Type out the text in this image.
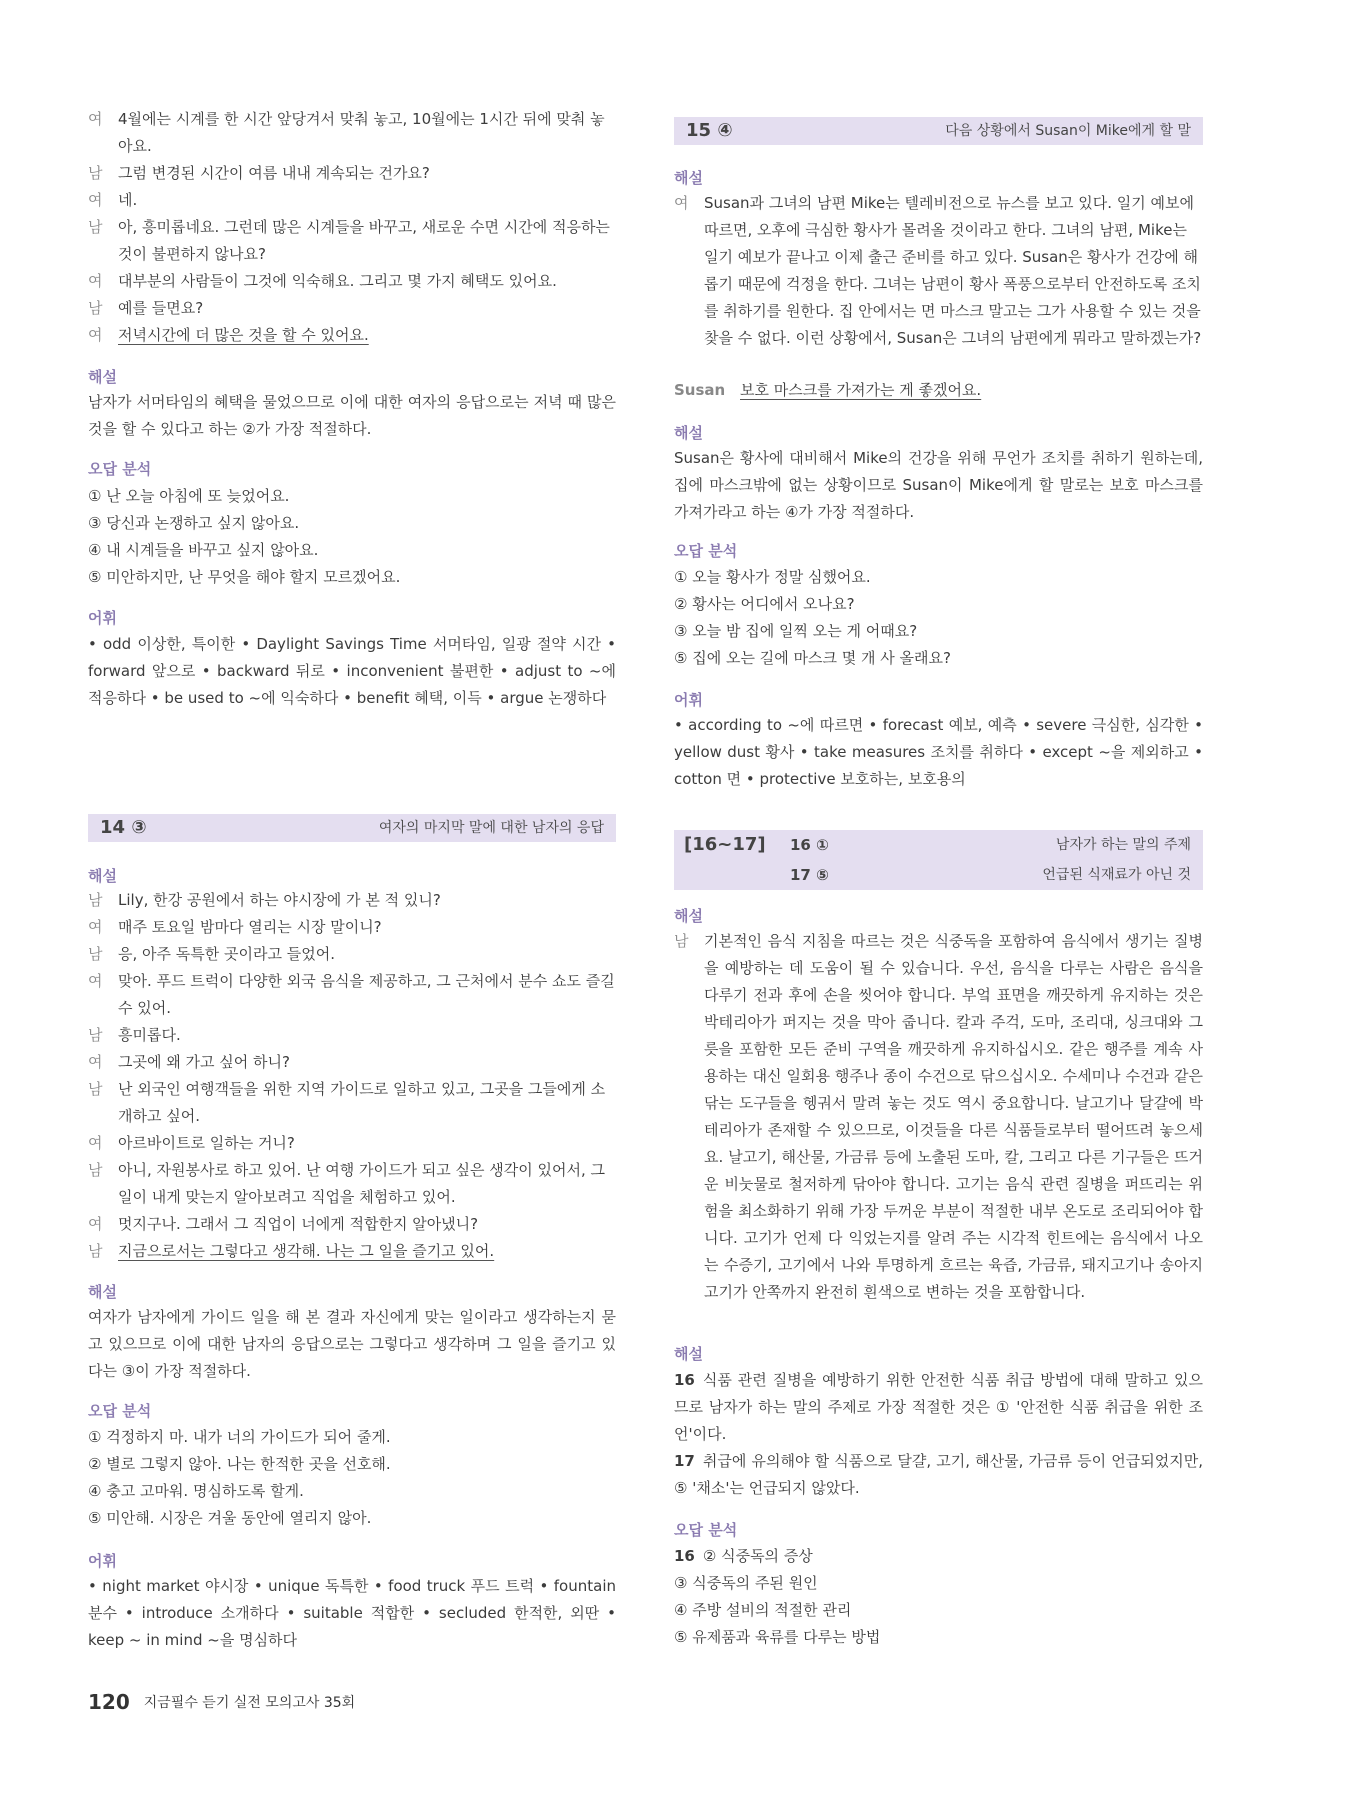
여	4월에는 시계를 한 시간 앞당겨서 맞춰 놓고, 10월에는 1시간 뒤에 맞춰 놓아요.
남	그럼 변경된 시간이 여름 내내 계속되는 건가요?
여	네.
남	아, 흥미롭네요. 그런데 많은 시계들을 바꾸고, 새로운 수면 시간에 적응하는 것이 불편하지 않나요?
여	대부분의 사람들이 그것에 익숙해요. 그리고 몇 가지 혜택도 있어요.
남	예를 들면요?
여	저녁시간에 더 많은 것을 할 수 있어요.
해설
남자가 서머타임의 혜택을 물었으므로 이에 대한 여자의 응답으로는 저녁 때 많은 것을 할 수 있다고 하는 ②가 가장 적절하다.
오답 분석
① 난 오늘 아침에 또 늦었어요.
③ 당신과 논쟁하고 싶지 않아요.
④ 내 시계들을 바꾸고 싶지 않아요.
⑤ 미안하지만, 난 무엇을 해야 할지 모르겠어요.
어휘
• odd 이상한, 특이한 • Daylight Savings Time 서머타임, 일광 절약 시간 • forward 앞으로 • backward 뒤로 • inconvenient 불편한 • adjust to ~에 적응하다 • be used to ~에 익숙하다 • benefit 혜택, 이득 • argue 논쟁하다
14 ③	여자의 마지막 말에 대한 남자의 응답
해설
남	Lily, 한강 공원에서 하는 야시장에 가 본 적 있니?
여	매주 토요일 밤마다 열리는 시장 말이니?
남	응, 아주 독특한 곳이라고 들었어.
여	맞아. 푸드 트럭이 다양한 외국 음식을 제공하고, 그 근처에서 분수 쇼도 즐길 수 있어.
남	흥미롭다.
여	그곳에 왜 가고 싶어 하니?
남	난 외국인 여행객들을 위한 지역 가이드로 일하고 있고, 그곳을 그들에게 소개하고 싶어.
여	아르바이트로 일하는 거니?
남	아니, 자원봉사로 하고 있어. 난 여행 가이드가 되고 싶은 생각이 있어서, 그 일이 내게 맞는지 알아보려고 직업을 체험하고 있어.
여	멋지구나. 그래서 그 직업이 너에게 적합한지 알아냈니?
남	지금으로서는 그렇다고 생각해. 나는 그 일을 즐기고 있어.
해설
여자가 남자에게 가이드 일을 해 본 결과 자신에게 맞는 일이라고 생각하는지 묻고 있으므로 이에 대한 남자의 응답으로는 그렇다고 생각하며 그 일을 즐기고 있다는 ③이 가장 적절하다.
오답 분석
① 걱정하지 마. 내가 너의 가이드가 되어 줄게.
② 별로 그렇지 않아. 나는 한적한 곳을 선호해.
④ 충고 고마워. 명심하도록 할게.
⑤ 미안해. 시장은 겨울 동안에 열리지 않아.
어휘
• night market 야시장 • unique 독특한 • food truck 푸드 트럭 • fountain 분수 • introduce 소개하다 • suitable 적합한 • secluded 한적한, 외딴 • keep ~ in mind ~을 명심하다
15 ④	다음 상황에서 Susan이 Mike에게 할 말
해설
여	Susan과 그녀의 남편 Mike는 텔레비전으로 뉴스를 보고 있다. 일기 예보에 따르면, 오후에 극심한 황사가 몰려올 것이라고 한다. 그녀의 남편, Mike는 일기 예보가 끝나고 이제 출근 준비를 하고 있다. Susan은 황사가 건강에 해롭기 때문에 걱정을 한다. 그녀는 남편이 황사 폭풍으로부터 안전하도록 조치를 취하기를 원한다. 집 안에서는 면 마스크 말고는 그가 사용할 수 있는 것을 찾을 수 없다. 이런 상황에서, Susan은 그녀의 남편에게 뭐라고 말하겠는가?
Susan 보호 마스크를 가져가는 게 좋겠어요.
해설
Susan은 황사에 대비해서 Mike의 건강을 위해 무언가 조치를 취하기 원하는데, 집에 마스크밖에 없는 상황이므로 Susan이 Mike에게 할 말로는 보호 마스크를 가져가라고 하는 ④가 가장 적절하다.
오답 분석
① 오늘 황사가 정말 심했어요.
② 황사는 어디에서 오나요?
③ 오늘 밤 집에 일찍 오는 게 어때요?
⑤ 집에 오는 길에 마스크 몇 개 사 올래요?
어휘
• according to ~에 따르면 • forecast 예보, 예측 • severe 극심한, 심각한 • yellow dust 황사 • take measures 조치를 취하다 • except ~을 제외하고 • cotton 면 • protective 보호하는, 보호용의
[16~17] 16 ①	남자가 하는 말의 주제
17 ⑤	언급된 식재료가 아닌 것
해설
남	기본적인 음식 지침을 따르는 것은 식중독을 포함하여 음식에서 생기는 질병을 예방하는 데 도움이 될 수 있습니다. 우선, 음식을 다루는 사람은 음식을 다루기 전과 후에 손을 씻어야 합니다. 부엌 표면을 깨끗하게 유지하는 것은 박테리아가 퍼지는 것을 막아 줍니다. 칼과 주걱, 도마, 조리대, 싱크대와 그릇을 포함한 모든 준비 구역을 깨끗하게 유지하십시오. 같은 행주를 계속 사용하는 대신 일회용 행주나 종이 수건으로 닦으십시오. 수세미나 수건과 같은 닦는 도구들을 헹궈서 말려 놓는 것도 역시 중요합니다. 날고기나 달걀에 박테리아가 존재할 수 있으므로, 이것들을 다른 식품들로부터 떨어뜨려 놓으세요. 날고기, 해산물, 가금류 등에 노출된 도마, 칼, 그리고 다른 기구들은 뜨거운 비눗물로 철저하게 닦아야 합니다. 고기는 음식 관련 질병을 퍼뜨리는 위험을 최소화하기 위해 가장 두꺼운 부분이 적절한 내부 온도로 조리되어야 합니다. 고기가 언제 다 익었는지를 알려 주는 시각적 힌트에는 음식에서 나오는 수증기, 고기에서 나와 투명하게 흐르는 육즙, 가금류, 돼지고기나 송아지 고기가 안쪽까지 완전히 흰색으로 변하는 것을 포함합니다.
해설
16 식품 관련 질병을 예방하기 위한 안전한 식품 취급 방법에 대해 말하고 있으므로 남자가 하는 말의 주제로 가장 적절한 것은 ① '안전한 식품 취급을 위한 조언'이다.
17 취급에 유의해야 할 식품으로 달걀, 고기, 해산물, 가금류 등이 언급되었지만, ⑤ '채소'는 언급되지 않았다.
오답 분석
16 ② 식중독의 증상
③ 식중독의 주된 원인
④ 주방 설비의 적절한 관리
⑤ 유제품과 육류를 다루는 방법
120 지금필수 듣기 실전 모의고사 35회
